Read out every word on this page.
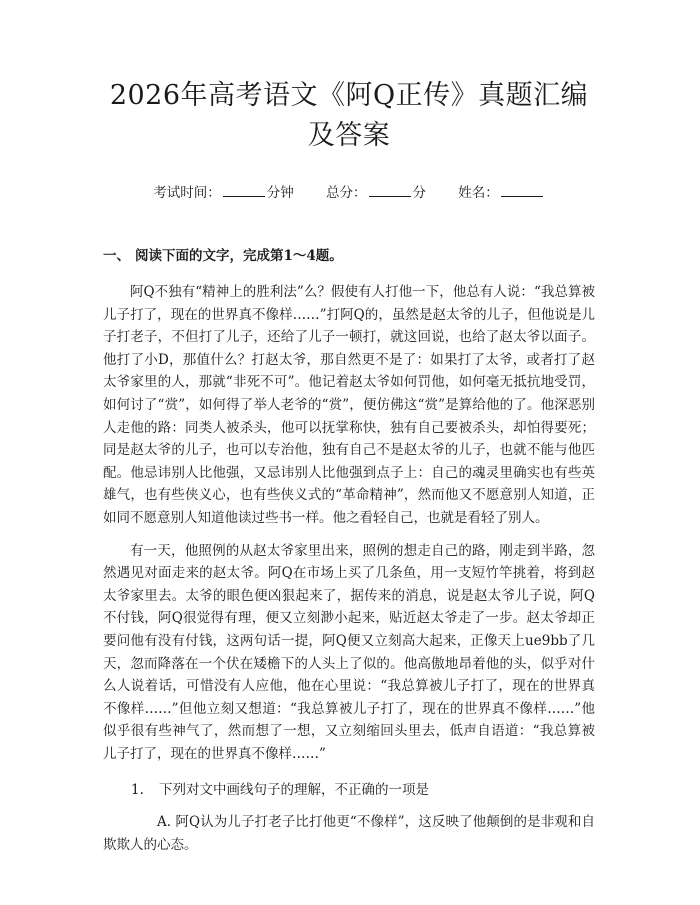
2026年高考语文《阿Q正传》真题汇编及答案
考试时间：	分钟 总分：	分 姓名：
一、 阅读下面的文字，完成第1～4题。

阿Q不独有“精神上的胜利法”么？假使有人打他一下，他总有人说：“我总算被儿子打了，现在的世界真不像样……”打阿Q的，虽然是赵太爷的儿子，但他说是儿子打老子，不但打了儿子，还给了儿子一顿打，就这回说，也给了赵太爷以面子。他打了小D，那值什么？打赵太爷，那自然更不是了：如果打了太爷，或者打了赵太爷家里的人，那就“非死不可”。他记着赵太爷如何罚他，如何毫无抵抗地受罚，如何讨了“赏”，如何得了举人老爷的“赏”，便仿佛这“赏”是算给他的了。他深恶别人走他的路：同类人被杀头，他可以抚掌称快，独有自己要被杀头，却怕得要死；同是赵太爷的儿子，也可以专治他，独有自己不是赵太爷的儿子，也就不能与他匹配。他忌讳别人比他强，又忌讳别人比他强到点子上：自己的魂灵里确实也有些英雄气，也有些侠义心，也有些侠义式的“革命精神”，然而他又不愿意别人知道，正如同不愿意别人知道他读过些书一样。他之看轻自己，也就是看轻了别人。

有一天，他照例的从赵太爷家里出来，照例的想走自己的路，刚走到半路，忽然遇见对面走来的赵太爷。阿Q在市场上买了几条鱼，用一支短竹竿挑着，将到赵太爷家里去。太爷的眼色便凶狠起来了，据传来的消息，说是赵太爷儿子说，阿Q不付钱，阿Q很觉得有理，便又立刻渺小起来，贴近赵太爷走了一步。赵太爷却正要问他有没有付钱，这两句话一提，阿Q便又立刻高大起来，正像天上ue9bb了几天，忽而降落在一个伏在矮檐下的人头上了似的。他高傲地昂着他的头，似乎对什么人说着话，可惜没有人应他，他在心里说：“我总算被儿子打了，现在的世界真不像样……”但他立刻又想道：“我总算被儿子打了，现在的世界真不像样……”他似乎很有些神气了，然而想了一想，又立刻缩回头里去，低声自语道：“我总算被儿子打了，现在的世界真不像样……”

1. 下列对文中画线句子的理解，不正确的一项是

A. 阿Q认为儿子打老子比打他更“不像样”，这反映了他颠倒的是非观和自欺欺人的心态。
